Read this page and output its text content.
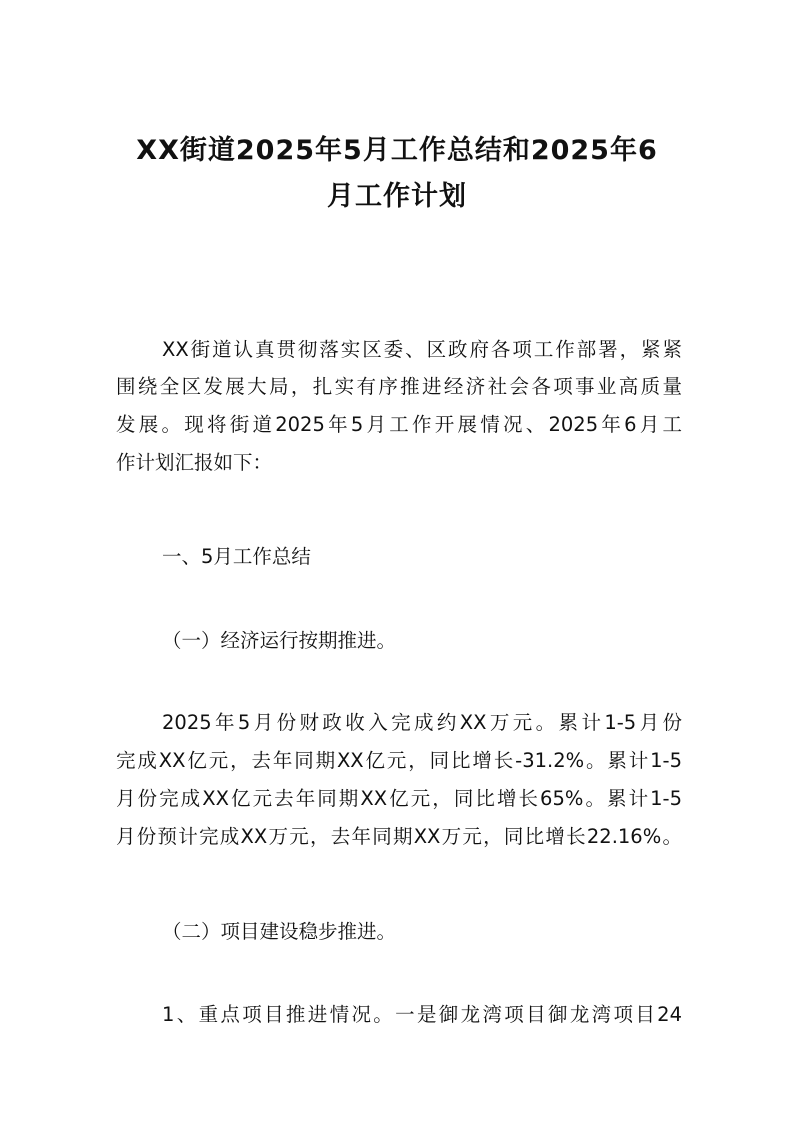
XX街道2025年5月工作总结和2025年6
月工作计划

XX街道认真贯彻落实区委、区政府各项工作部署，紧紧

围绕全区发展大局，扎实有序推进经济社会各项事业高质量

发展。现将街道2025年5月工作开展情况、2025年6月工

作计划汇报如下：

一、5月工作总结

（一）经济运行按期推进。

2025年5月份财政收入完成约XX万元。累计1-5月份

完成XX亿元，去年同期XX亿元，同比增长-31.2%。累计1-5

月份完成XX亿元去年同期XX亿元，同比增长65%。累计1-5

月份预计完成XX万元，去年同期XX万元，同比增长22.16%。

（二）项目建设稳步推进。

1、重点项目推进情况。一是御龙湾项目御龙湾项目24
